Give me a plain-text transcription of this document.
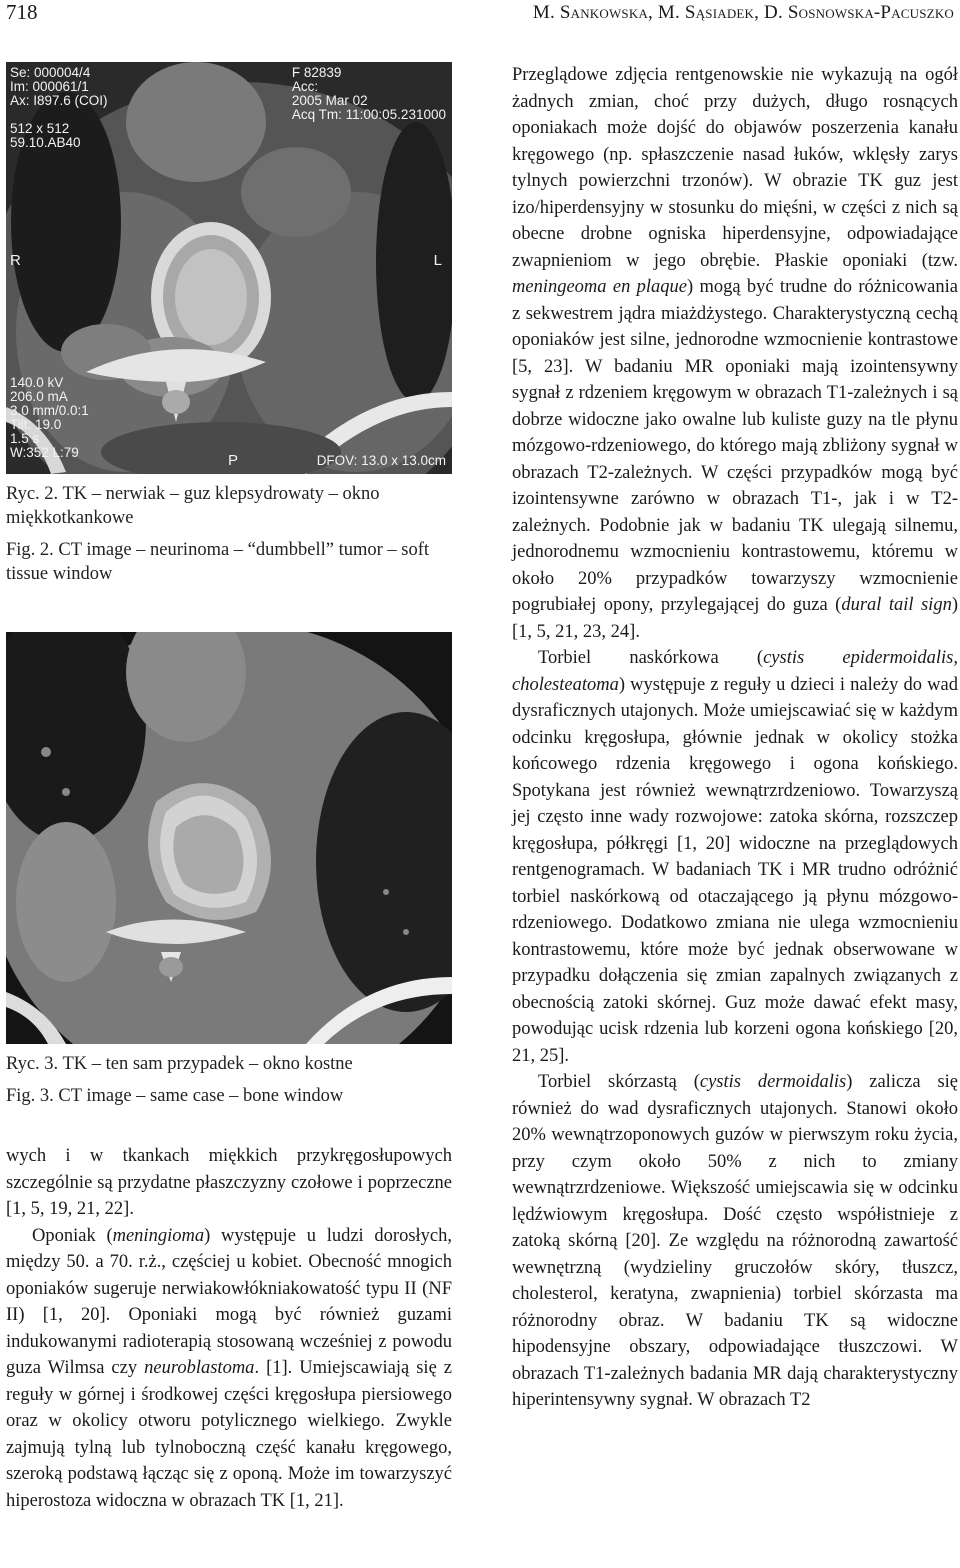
718	M. Sankowska, M. Sąsiadek, D. Sosnowska-Pacuszko
Se: 000004/4
Im: 000061/1
Ax: I897.6 (COI)

512 x 512
59.10.AB40
F 82839
Acc:
2005 Mar 02
Acq Tm: 11:00:05.231000
R	L
140.0 kV
206.0 mA
3.0 mm/0.0:1
Tilt: 19.0
1.5 s
W:352 L:79	P	DFOV: 13.0 x 13.0cm
Ryc. 2. TK – nerwiak – guz klepsydrowaty – okno miękkotkankowe
Fig. 2. CT image – neurinoma – “dumbbell” tumor – soft tissue window
Ryc. 3. TK – ten sam przypadek – okno kostne
Fig. 3. CT image – same case – bone window

wych i w tkankach miękkich przykręgosłupowych szczególnie są przydatne płaszczyzny czołowe i poprzeczne [1, 5, 19, 21, 22].

Oponiak (meningioma) występuje u ludzi dorosłych, między 50. a 70. r.ż., częściej u kobiet. Obecność mnogich oponiaków sugeruje nerwiakowłókniakowatość typu II (NF II) [1, 20]. Oponiaki mogą być również guzami indukowanymi radioterapią stosowaną wcześniej z powodu guza Wilmsa czy neuroblastoma. [1]. Umiejscawiają się z reguły w górnej i środkowej części kręgosłupa piersiowego oraz w okolicy otworu potylicznego wielkiego. Zwykle zajmują tylną lub tylnoboczną część kanału kręgowego, szeroką podstawą łącząc się z oponą. Może im towarzyszyć hiperostoza widoczna w obrazach TK [1, 21].

Przeglądowe zdjęcia rentgenowskie nie wykazują na ogół żadnych zmian, choć przy dużych, długo rosnących oponiakach może dojść do objawów poszerzenia kanału kręgowego (np. spłaszczenie nasad łuków, wklęsły zarys tylnych powierzchni trzonów). W obrazie TK guz jest izo/hiperdensyjny w stosunku do mięśni, w części z nich są obecne drobne ogniska hiperdensyjne, odpowiadające zwapnieniom w jego obrębie. Płaskie oponiaki (tzw. meningeoma en plaque) mogą być trudne do różnicowania z sekwestrem jądra miażdżystego. Charakterystyczną cechą oponiaków jest silne, jednorodne wzmocnienie kontrastowe [5, 23]. W badaniu MR oponiaki mają izointensywny sygnał z rdzeniem kręgowym w obrazach T1-zależnych i są dobrze widoczne jako owalne lub kuliste guzy na tle płynu mózgowo-rdzeniowego, do którego mają zbliżony sygnał w obrazach T2-zależnych. W części przypadków mogą być izointensywne zarówno w obrazach T1-, jak i w T2-zależnych. Podobnie jak w badaniu TK ulegają silnemu, jednorodnemu wzmocnieniu kontrastowemu, któremu w około 20% przypadków towarzyszy wzmocnienie pogrubiałej opony, przylegającej do guza (dural tail sign) [1, 5, 21, 23, 24].

Torbiel naskórkowa (cystis epidermoidalis, cholesteatoma) występuje z reguły u dzieci i należy do wad dysraficznych utajonych. Może umiejscawiać się w każdym odcinku kręgosłupa, głównie jednak w okolicy stożka końcowego rdzenia kręgowego i ogona końskiego. Spotykana jest również wewnątrzrdzeniowo. Towarzyszą jej często inne wady rozwojowe: zatoka skórna, rozszczep kręgosłupa, półkręgi [1, 20] widoczne na przeglądowych rentgenogramach. W badaniach TK i MR trudno odróżnić torbiel naskórkową od otaczającego ją płynu mózgowo-rdzeniowego. Dodatkowo zmiana nie ulega wzmocnieniu kontrastowemu, które może być jednak obserwowane w przypadku dołączenia się zmian zapalnych związanych z obecnością zatoki skórnej. Guz może dawać efekt masy, powodując ucisk rdzenia lub korzeni ogona końskiego [20, 21, 25].

Torbiel skórzastą (cystis dermoidalis) zalicza się również do wad dysraficznych utajonych. Stanowi około 20% wewnątrzoponowych guzów w pierwszym roku życia, przy czym około 50% z nich to zmiany wewnątrzrdzeniowe. Większość umiejscawia się w odcinku lędźwiowym kręgosłupa. Dość często współistnieje z zatoką skórną [20]. Ze względu na różnorodną zawartość wewnętrzną (wydzieliny gruczołów skóry, tłuszcz, cholesterol, keratyna, zwapnienia) torbiel skórzasta ma różnorodny obraz. W badaniu TK są widoczne hipodensyjne obszary, odpowiadające tłuszczowi. W obrazach T1-zależnych badania MR dają charakterystyczny hiperintensywny sygnał. W obrazach T2
